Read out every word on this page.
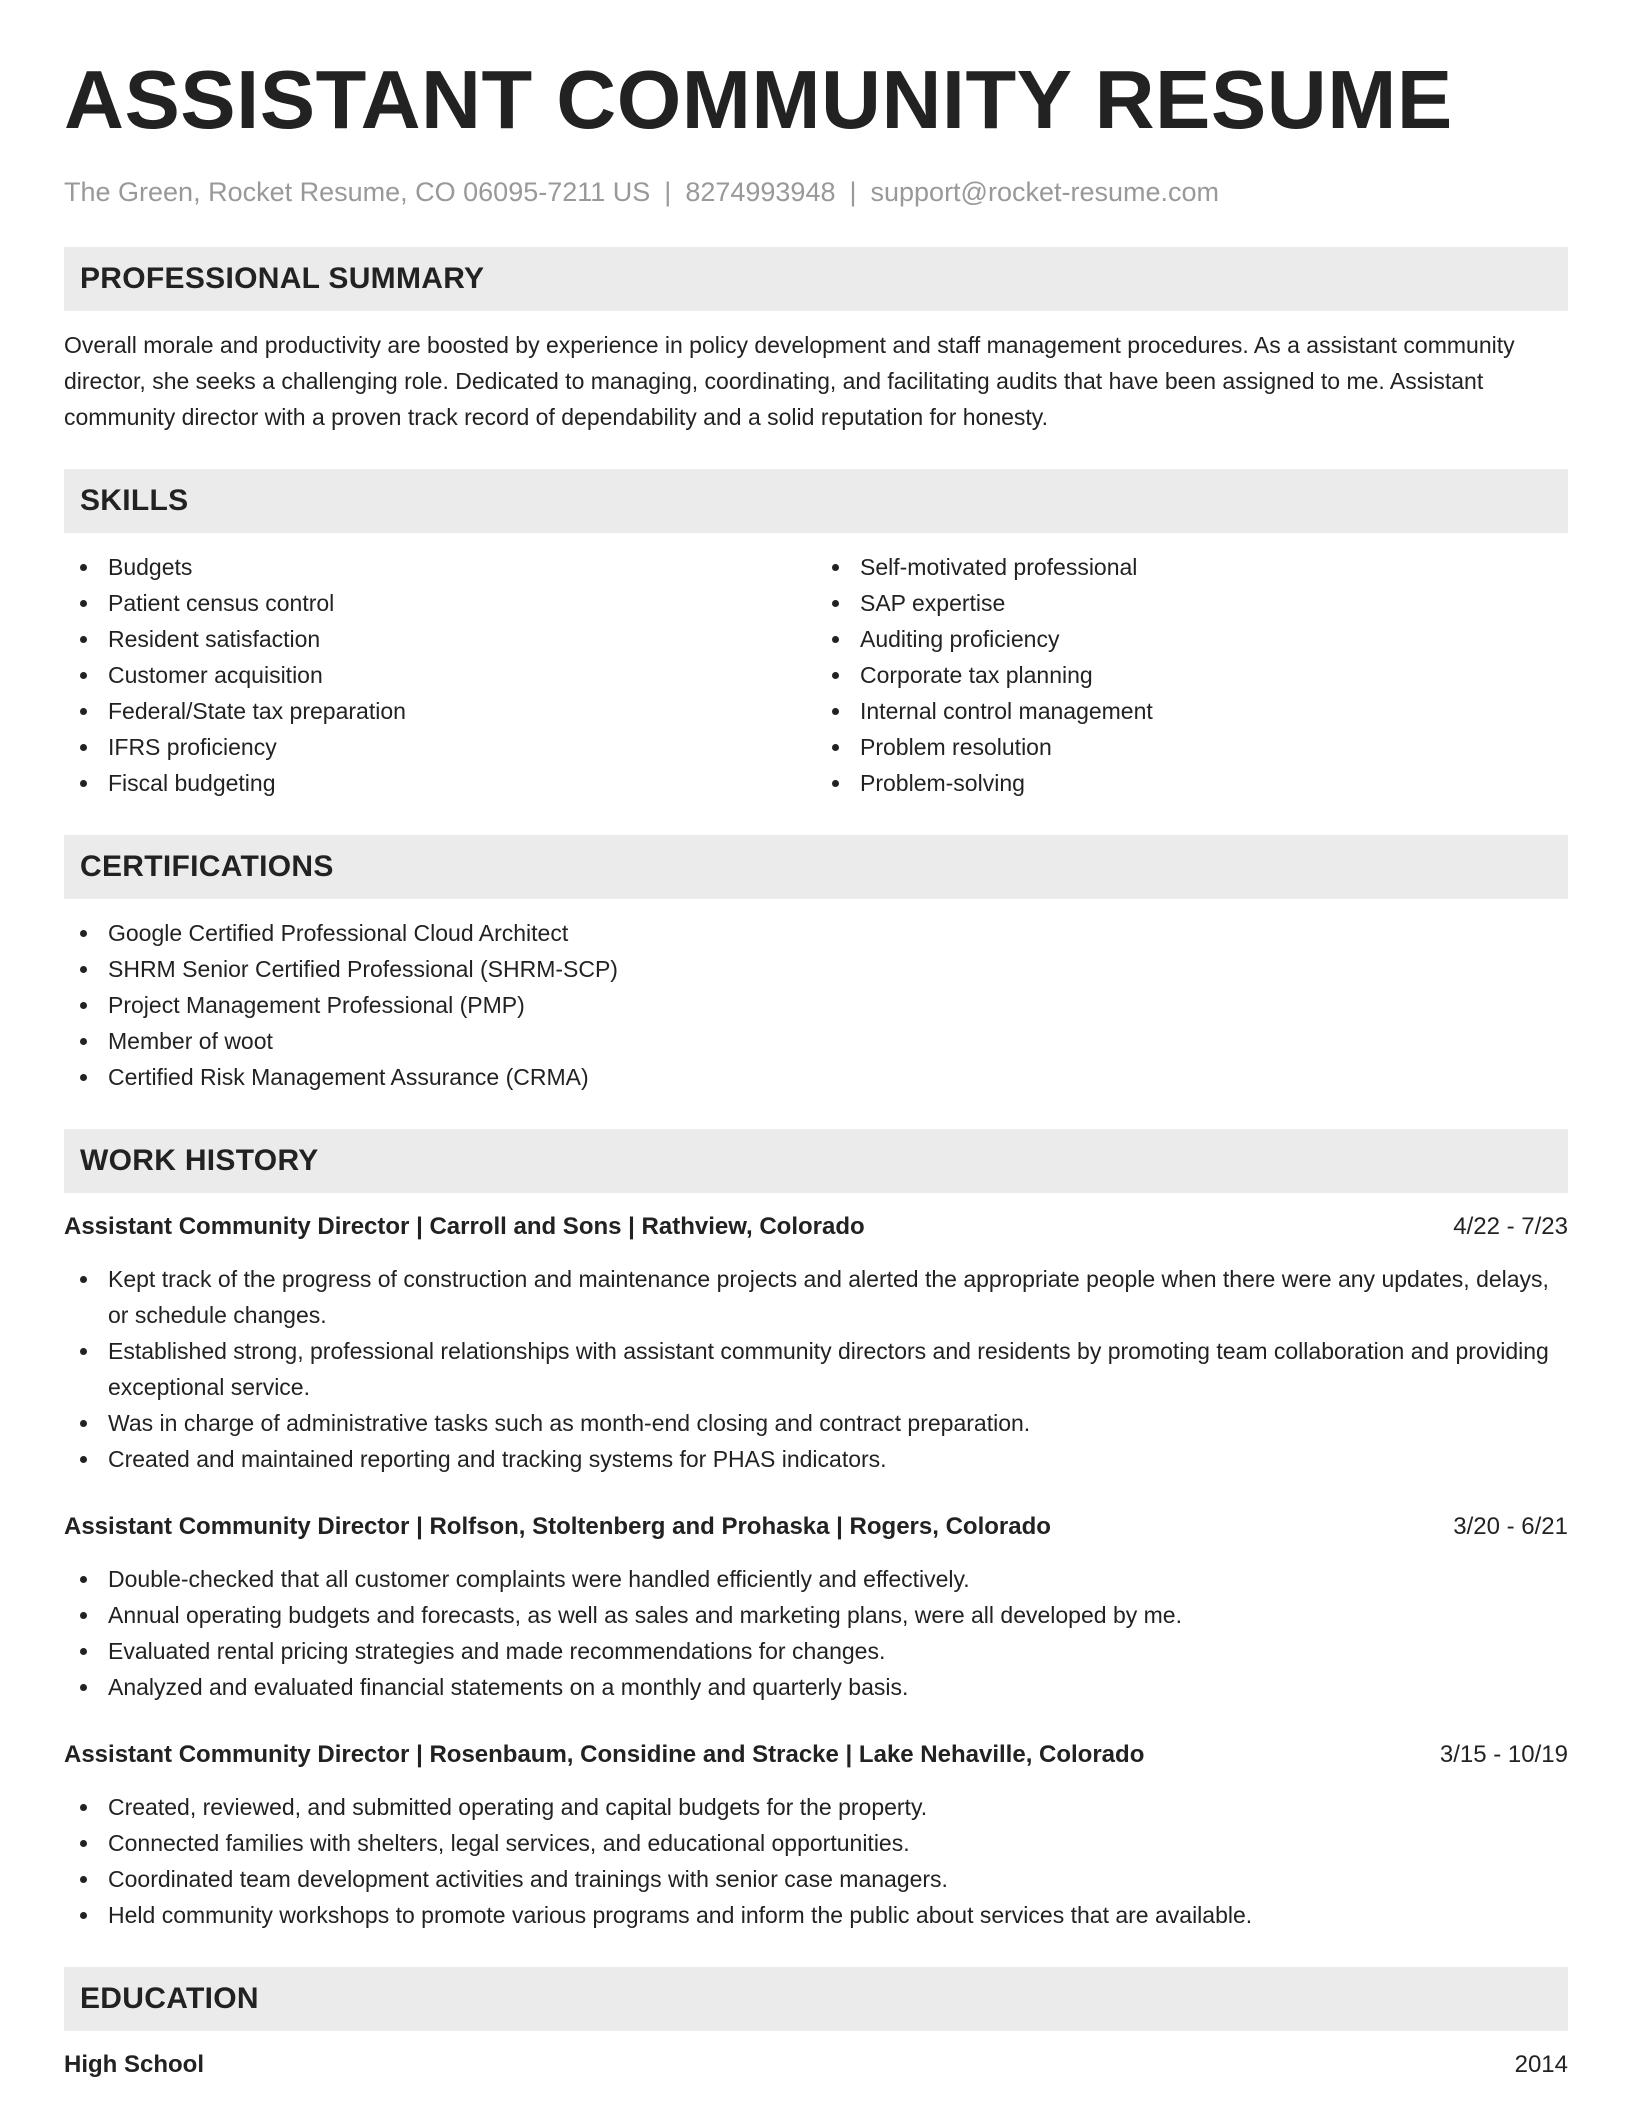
ASSISTANT COMMUNITY RESUME
The Green, Rocket Resume, CO 06095-7211 US | 8274993948 | support@rocket-resume.com
PROFESSIONAL SUMMARY

Overall morale and productivity are boosted by experience in policy development and staff management procedures. As a assistant community director, she seeks a challenging role. Dedicated to managing, coordinating, and facilitating audits that have been assigned to me. Assistant community director with a proven track record of dependability and a solid reputation for honesty.

SKILLS
Budgets
Patient census control
Resident satisfaction
Customer acquisition
Federal/State tax preparation
IFRS proficiency
Fiscal budgeting
Self-motivated professional
SAP expertise
Auditing proficiency
Corporate tax planning
Internal control management
Problem resolution
Problem-solving
CERTIFICATIONS
Google Certified Professional Cloud Architect
SHRM Senior Certified Professional (SHRM-SCP)
Project Management Professional (PMP)
Member of woot
Certified Risk Management Assurance (CRMA)
WORK HISTORY
Assistant Community Director | Carroll and Sons | Rathview, Colorado	4/22 - 7/23
Kept track of the progress of construction and maintenance projects and alerted the appropriate people when there were any updates, delays, or schedule changes.
Established strong, professional relationships with assistant community directors and residents by promoting team collaboration and providing exceptional service.
Was in charge of administrative tasks such as month-end closing and contract preparation.
Created and maintained reporting and tracking systems for PHAS indicators.
Assistant Community Director | Rolfson, Stoltenberg and Prohaska | Rogers, Colorado	3/20 - 6/21
Double-checked that all customer complaints were handled efficiently and effectively.
Annual operating budgets and forecasts, as well as sales and marketing plans, were all developed by me.
Evaluated rental pricing strategies and made recommendations for changes.
Analyzed and evaluated financial statements on a monthly and quarterly basis.
Assistant Community Director | Rosenbaum, Considine and Stracke | Lake Nehaville, Colorado	3/15 - 10/19
Created, reviewed, and submitted operating and capital budgets for the property.
Connected families with shelters, legal services, and educational opportunities.
Coordinated team development activities and trainings with senior case managers.
Held community workshops to promote various programs and inform the public about services that are available.
EDUCATION
High School	2014
